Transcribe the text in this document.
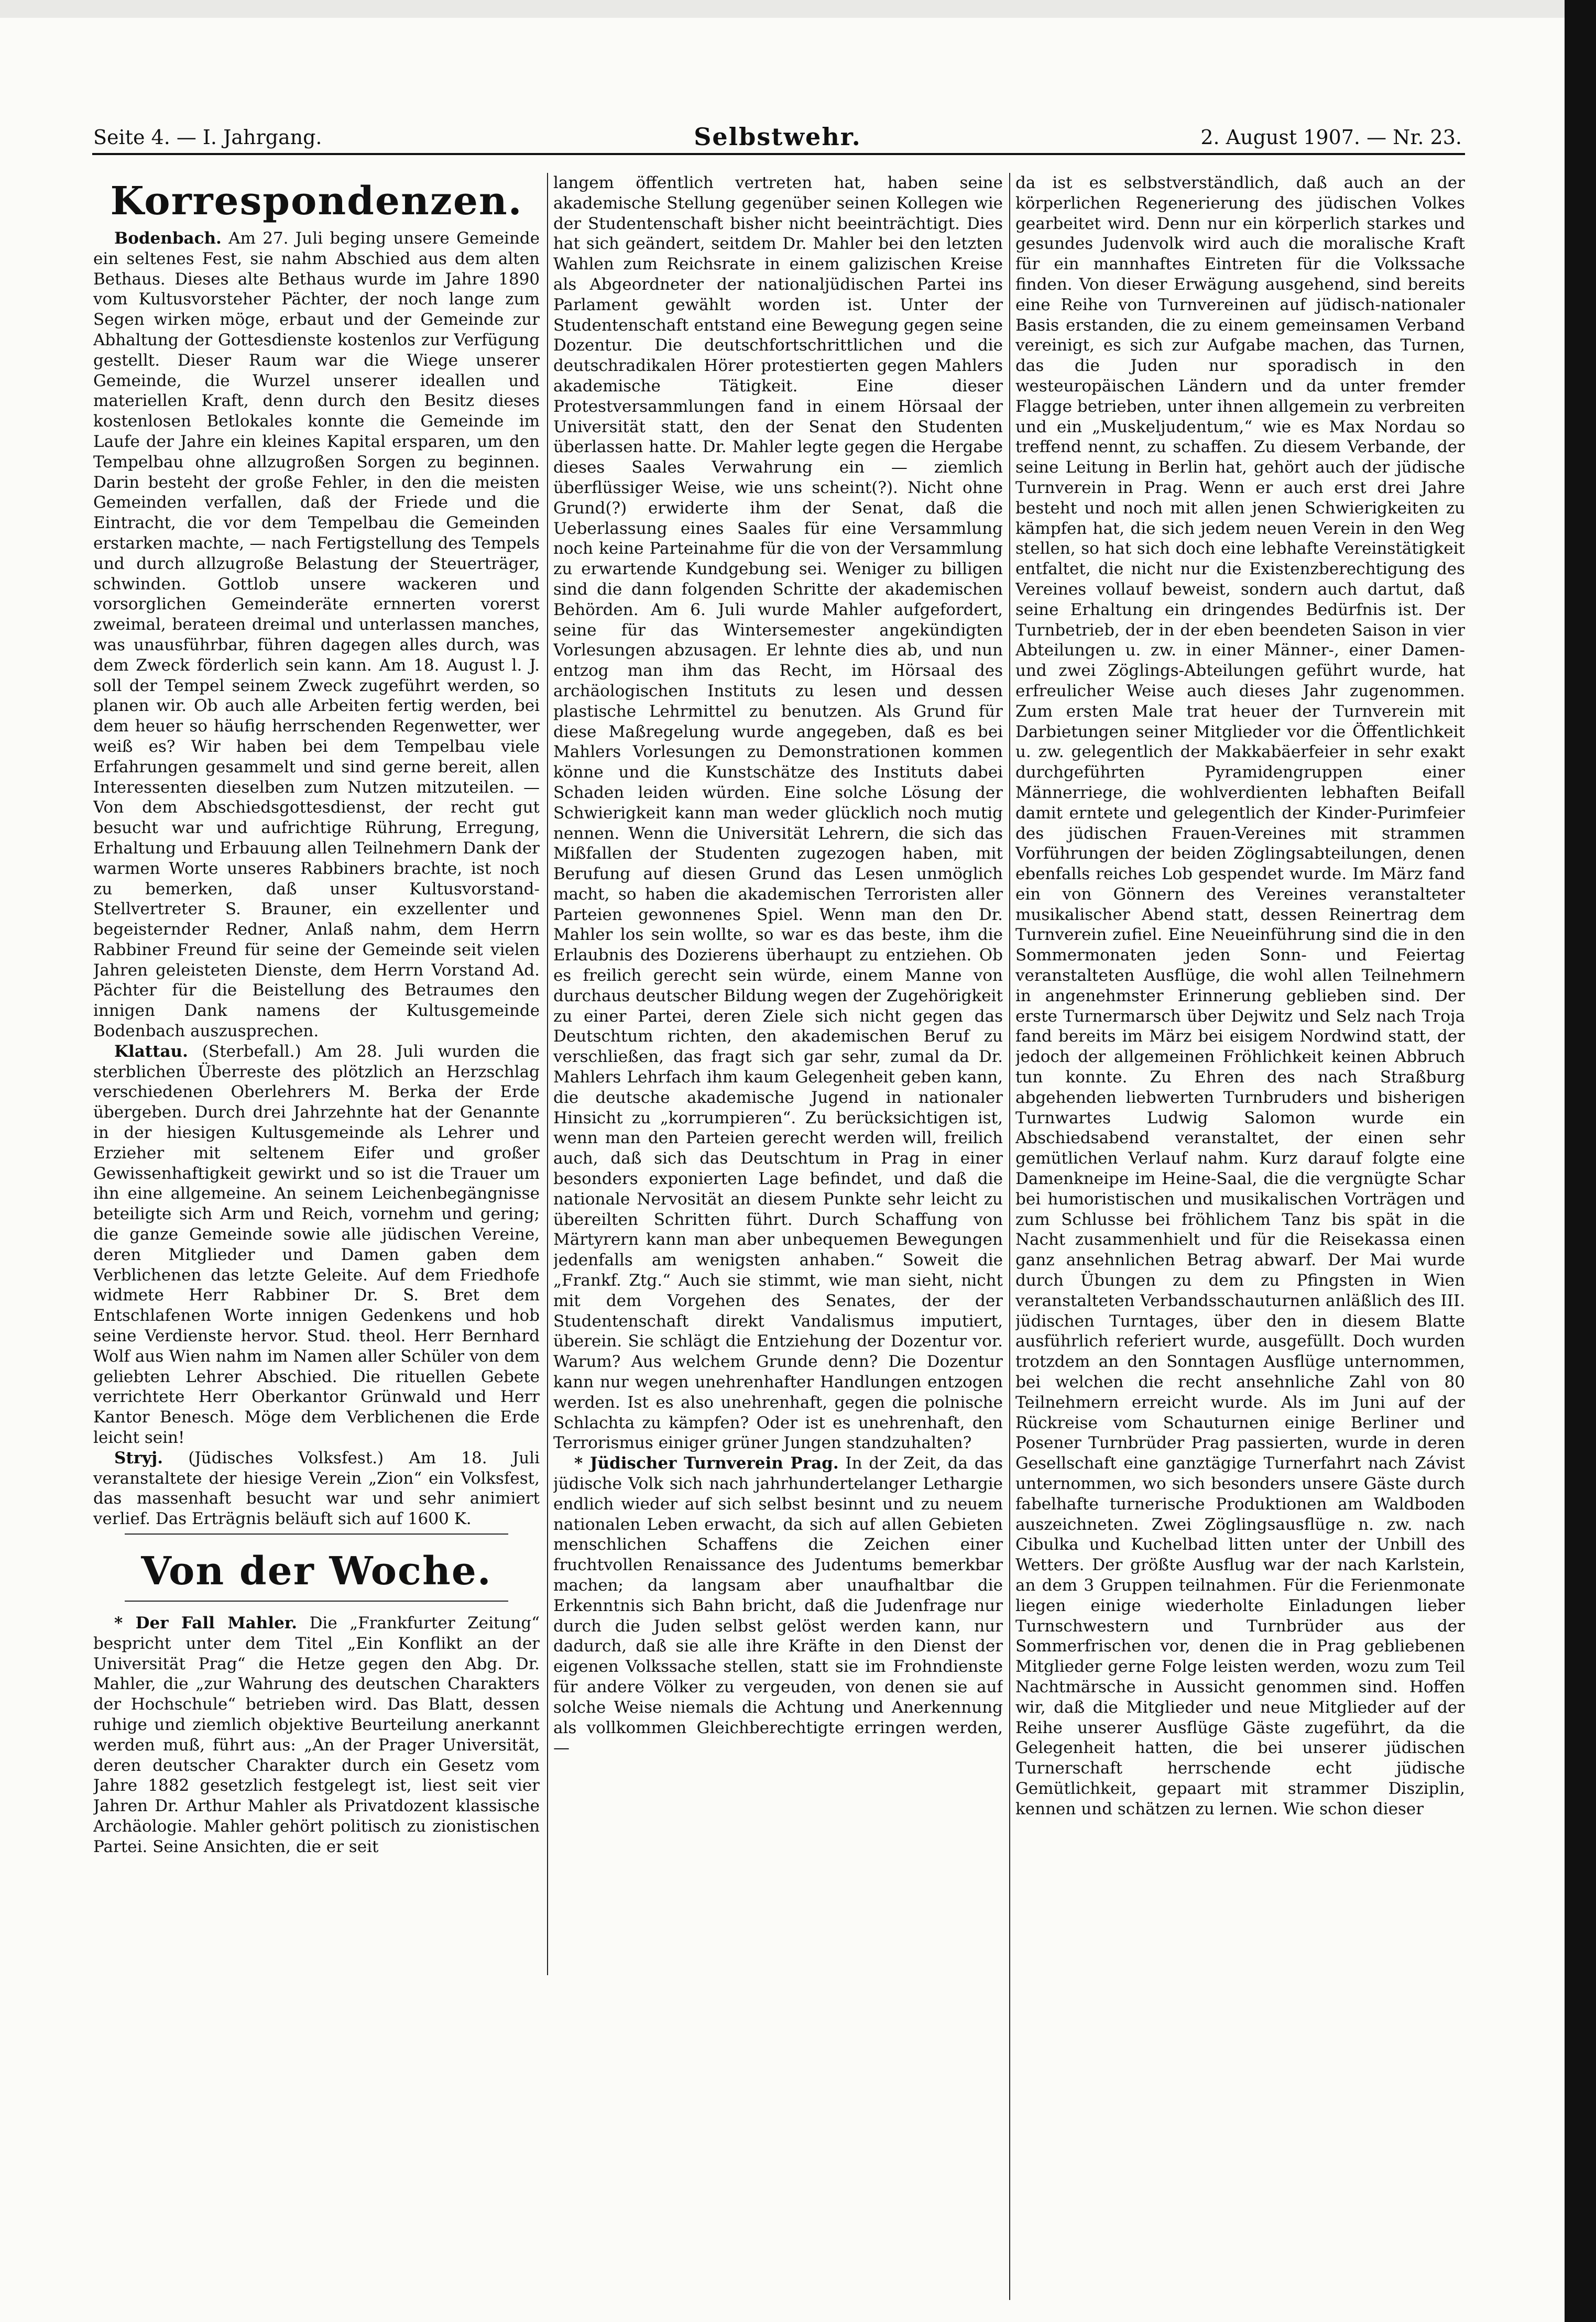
Seite 4. — I. Jahrgang.	Selbstwehr.	2. August 1907. — Nr. 23.
Korrespondenzen.

Bodenbach. Am 27. Juli beging unsere Gemeinde ein seltenes Fest, sie nahm Abschied aus dem alten Bethaus. Dieses alte Bethaus wurde im Jahre 1890 vom Kultusvorsteher Pächter, der noch lange zum Segen wirken möge, erbaut und der Gemeinde zur Abhaltung der Gottesdienste kostenlos zur Verfügung gestellt. Dieser Raum war die Wiege unserer Gemeinde, die Wurzel unserer ideallen und materiellen Kraft, denn durch den Besitz dieses kostenlosen Betlokales konnte die Gemeinde im Laufe der Jahre ein kleines Kapital ersparen, um den Tempelbau ohne allzugroßen Sorgen zu beginnen. Darin besteht der große Fehler, in den die meisten Gemeinden verfallen, daß der Friede und die Eintracht, die vor dem Tempelbau die Gemeinden erstarken machte, — nach Fertigstellung des Tempels und durch allzugroße Belastung der Steuerträger, schwinden. Gottlob unsere wackeren und vorsorglichen Gemeinderäte ernnerten vorerst zweimal, berateen dreimal und unterlassen manches, was unausführbar, führen dagegen alles durch, was dem Zweck förderlich sein kann. Am 18. August l. J. soll der Tempel seinem Zweck zugeführt werden, so planen wir. Ob auch alle Arbeiten fertig werden, bei dem heuer so häufig herrschenden Regenwetter, wer weiß es? Wir haben bei dem Tempelbau viele Erfahrungen gesammelt und sind gerne bereit, allen Interessenten dieselben zum Nutzen mitzuteilen. — Von dem Abschiedsgottesdienst, der recht gut besucht war und aufrichtige Rührung, Erregung, Erhaltung und Erbauung allen Teilnehmern Dank der warmen Worte unseres Rabbiners brachte, ist noch zu bemerken, daß unser Kultusvorstand-Stellvertreter S. Brauner, ein exzellenter und begeisternder Redner, Anlaß nahm, dem Herrn Rabbiner Freund für seine der Gemeinde seit vielen Jahren geleisteten Dienste, dem Herrn Vorstand Ad. Pächter für die Beistellung des Betraumes den innigen Dank namens der Kultusgemeinde Bodenbach auszusprechen.

Klattau. (Sterbefall.) Am 28. Juli wurden die sterblichen Überreste des plötzlich an Herzschlag verschiedenen Oberlehrers M. Berka der Erde übergeben. Durch drei Jahrzehnte hat der Genannte in der hiesigen Kultusgemeinde als Lehrer und Erzieher mit seltenem Eifer und großer Gewissenhaftigkeit gewirkt und so ist die Trauer um ihn eine allgemeine. An seinem Leichenbegängnisse beteiligte sich Arm und Reich, vornehm und gering; die ganze Gemeinde sowie alle jüdischen Vereine, deren Mitglieder und Damen gaben dem Verblichenen das letzte Geleite. Auf dem Friedhofe widmete Herr Rabbiner Dr. S. Bret dem Entschlafenen Worte innigen Gedenkens und hob seine Verdienste hervor. Stud. theol. Herr Bernhard Wolf aus Wien nahm im Namen aller Schüler von dem geliebten Lehrer Abschied. Die rituellen Gebete verrichtete Herr Oberkantor Grünwald und Herr Kantor Benesch. Möge dem Verblichenen die Erde leicht sein!

Stryj. (Jüdisches Volksfest.) Am 18. Juli veranstaltete der hiesige Verein „Zion“ ein Volksfest, das massenhaft besucht war und sehr animiert verlief. Das Erträgnis beläuft sich auf 1600 K.

Von der Woche.

* Der Fall Mahler. Die „Frankfurter Zeitung“ bespricht unter dem Titel „Ein Konflikt an der Universität Prag“ die Hetze gegen den Abg. Dr. Mahler, die „zur Wahrung des deutschen Charakters der Hochschule“ betrieben wird. Das Blatt, dessen ruhige und ziemlich objektive Beurteilung anerkannt werden muß, führt aus: „An der Prager Universität, deren deutscher Charakter durch ein Gesetz vom Jahre 1882 gesetzlich festgelegt ist, liest seit vier Jahren Dr. Arthur Mahler als Privatdozent klassische Archäologie. Mahler gehört politisch zu zionistischen Partei. Seine Ansichten, die er seit

langem öffentlich vertreten hat, haben seine akademische Stellung gegenüber seinen Kollegen wie der Studentenschaft bisher nicht beeinträchtigt. Dies hat sich geändert, seitdem Dr. Mahler bei den letzten Wahlen zum Reichsrate in einem galizischen Kreise als Abgeordneter der nationaljüdischen Partei ins Parlament gewählt worden ist. Unter der Studentenschaft entstand eine Bewegung gegen seine Dozentur. Die deutschfortschrittlichen und die deutschradikalen Hörer protestierten gegen Mahlers akademische Tätigkeit. Eine dieser Protestversammlungen fand in einem Hörsaal der Universität statt, den der Senat den Studenten überlassen hatte. Dr. Mahler legte gegen die Hergabe dieses Saales Verwahrung ein — ziemlich überflüssiger Weise, wie uns scheint(?). Nicht ohne Grund(?) erwiderte ihm der Senat, daß die Ueberlassung eines Saales für eine Versammlung noch keine Parteinahme für die von der Versammlung zu erwartende Kundgebung sei. Weniger zu billigen sind die dann folgenden Schritte der akademischen Behörden. Am 6. Juli wurde Mahler aufgefordert, seine für das Wintersemester angekündigten Vorlesungen abzusagen. Er lehnte dies ab, und nun entzog man ihm das Recht, im Hörsaal des archäologischen Instituts zu lesen und dessen plastische Lehrmittel zu benutzen. Als Grund für diese Maßregelung wurde angegeben, daß es bei Mahlers Vorlesungen zu Demonstrationen kommen könne und die Kunstschätze des Instituts dabei Schaden leiden würden. Eine solche Lösung der Schwierigkeit kann man weder glücklich noch mutig nennen. Wenn die Universität Lehrern, die sich das Mißfallen der Studenten zugezogen haben, mit Berufung auf diesen Grund das Lesen unmöglich macht, so haben die akademischen Terroristen aller Parteien gewonnenes Spiel. Wenn man den Dr. Mahler los sein wollte, so war es das beste, ihm die Erlaubnis des Dozierens überhaupt zu entziehen. Ob es freilich gerecht sein würde, einem Manne von durchaus deutscher Bildung wegen der Zugehörigkeit zu einer Partei, deren Ziele sich nicht gegen das Deutschtum richten, den akademischen Beruf zu verschließen, das fragt sich gar sehr, zumal da Dr. Mahlers Lehrfach ihm kaum Gelegenheit geben kann, die deutsche akademische Jugend in nationaler Hinsicht zu „korrumpieren“. Zu berücksichtigen ist, wenn man den Parteien gerecht werden will, freilich auch, daß sich das Deutschtum in Prag in einer besonders exponierten Lage befindet, und daß die nationale Nervosität an diesem Punkte sehr leicht zu übereilten Schritten führt. Durch Schaffung von Märtyrern kann man aber unbequemen Bewegungen jedenfalls am wenigsten anhaben.“ Soweit die „Frankf. Ztg.“ Auch sie stimmt, wie man sieht, nicht mit dem Vorgehen des Senates, der der Studentenschaft direkt Vandalismus imputiert, überein. Sie schlägt die Entziehung der Dozentur vor. Warum? Aus welchem Grunde denn? Die Dozentur kann nur wegen unehrenhafter Handlungen entzogen werden. Ist es also unehrenhaft, gegen die polnische Schlachta zu kämpfen? Oder ist es unehrenhaft, den Terrorismus einiger grüner Jungen standzuhalten?

* Jüdischer Turnverein Prag. In der Zeit, da das jüdische Volk sich nach jahrhundertelanger Lethargie endlich wieder auf sich selbst besinnt und zu neuem nationalen Leben erwacht, da sich auf allen Gebieten menschlichen Schaffens die Zeichen einer fruchtvollen Renaissance des Judentums bemerkbar machen; da langsam aber unaufhaltbar die Erkenntnis sich Bahn bricht, daß die Judenfrage nur durch die Juden selbst gelöst werden kann, nur dadurch, daß sie alle ihre Kräfte in den Dienst der eigenen Volkssache stellen, statt sie im Frohndienste für andere Völker zu vergeuden, von denen sie auf solche Weise niemals die Achtung und Anerkennung als vollkommen Gleichberechtigte erringen werden, —

da ist es selbstverständlich, daß auch an der körperlichen Regenerierung des jüdischen Volkes gearbeitet wird. Denn nur ein körperlich starkes und gesundes Judenvolk wird auch die moralische Kraft für ein mannhaftes Eintreten für die Volkssache finden. Von dieser Erwägung ausgehend, sind bereits eine Reihe von Turnvereinen auf jüdisch-nationaler Basis erstanden, die zu einem gemeinsamen Verband vereinigt, es sich zur Aufgabe machen, das Turnen, das die Juden nur sporadisch in den westeuropäischen Ländern und da unter fremder Flagge betrieben, unter ihnen allgemein zu verbreiten und ein „Muskeljudentum,“ wie es Max Nordau so treffend nennt, zu schaffen. Zu diesem Verbande, der seine Leitung in Berlin hat, gehört auch der jüdische Turnverein in Prag. Wenn er auch erst drei Jahre besteht und noch mit allen jenen Schwierigkeiten zu kämpfen hat, die sich jedem neuen Verein in den Weg stellen, so hat sich doch eine lebhafte Vereinstätigkeit entfaltet, die nicht nur die Existenzberechtigung des Vereines vollauf beweist, sondern auch dartut, daß seine Erhaltung ein dringendes Bedürfnis ist. Der Turnbetrieb, der in der eben beendeten Saison in vier Abteilungen u. zw. in einer Männer-, einer Damen- und zwei Zöglings-Abteilungen geführt wurde, hat erfreulicher Weise auch dieses Jahr zugenommen. Zum ersten Male trat heuer der Turnverein mit Darbietungen seiner Mitglieder vor die Öffentlichkeit u. zw. gelegentlich der Makkabäerfeier in sehr exakt durchgeführten Pyramidengruppen einer Männerriege, die wohlverdienten lebhaften Beifall damit erntete und gelegentlich der Kinder-Purimfeier des jüdischen Frauen-Vereines mit strammen Vorführungen der beiden Zöglingsabteilungen, denen ebenfalls reiches Lob gespendet wurde. Im März fand ein von Gönnern des Vereines veranstalteter musikalischer Abend statt, dessen Reinertrag dem Turnverein zufiel. Eine Neueinführung sind die in den Sommermonaten jeden Sonn- und Feiertag veranstalteten Ausflüge, die wohl allen Teilnehmern in angenehmster Erinnerung geblieben sind. Der erste Turnermarsch über Dejwitz und Selz nach Troja fand bereits im März bei eisigem Nordwind statt, der jedoch der allgemeinen Fröhlichkeit keinen Abbruch tun konnte. Zu Ehren des nach Straßburg abgehenden liebwerten Turnbruders und bisherigen Turnwartes Ludwig Salomon wurde ein Abschiedsabend veranstaltet, der einen sehr gemütlichen Verlauf nahm. Kurz darauf folgte eine Damenkneipe im Heine-Saal, die die vergnügte Schar bei humoristischen und musikalischen Vorträgen und zum Schlusse bei fröhlichem Tanz bis spät in die Nacht zusammenhielt und für die Reisekassa einen ganz ansehnlichen Betrag abwarf. Der Mai wurde durch Übungen zu dem zu Pfingsten in Wien veranstalteten Verbandsschauturnen anläßlich des III. jüdischen Turntages, über den in diesem Blatte ausführlich referiert wurde, ausgefüllt. Doch wurden trotzdem an den Sonntagen Ausflüge unternommen, bei welchen die recht ansehnliche Zahl von 80 Teilnehmern erreicht wurde. Als im Juni auf der Rückreise vom Schauturnen einige Berliner und Posener Turnbrüder Prag passierten, wurde in deren Gesellschaft eine ganztägige Turnerfahrt nach Závist unternommen, wo sich besonders unsere Gäste durch fabelhafte turnerische Produktionen am Waldboden auszeichneten. Zwei Zöglingsausflüge n. zw. nach Cibulka und Kuchelbad litten unter der Unbill des Wetters. Der größte Ausflug war der nach Karlstein, an dem 3 Gruppen teilnahmen. Für die Ferienmonate liegen einige wiederholte Einladungen lieber Turnschwestern und Turnbrüder aus der Sommerfrischen vor, denen die in Prag gebliebenen Mitglieder gerne Folge leisten werden, wozu zum Teil Nachtmärsche in Aussicht genommen sind. Hoffen wir, daß die Mitglieder und neue Mitglieder auf der Reihe unserer Ausflüge Gäste zugeführt, da die Gelegenheit hatten, die bei unserer jüdischen Turnerschaft herrschende echt jüdische Gemütlichkeit, gepaart mit strammer Disziplin, kennen und schätzen zu lernen. Wie schon dieser
